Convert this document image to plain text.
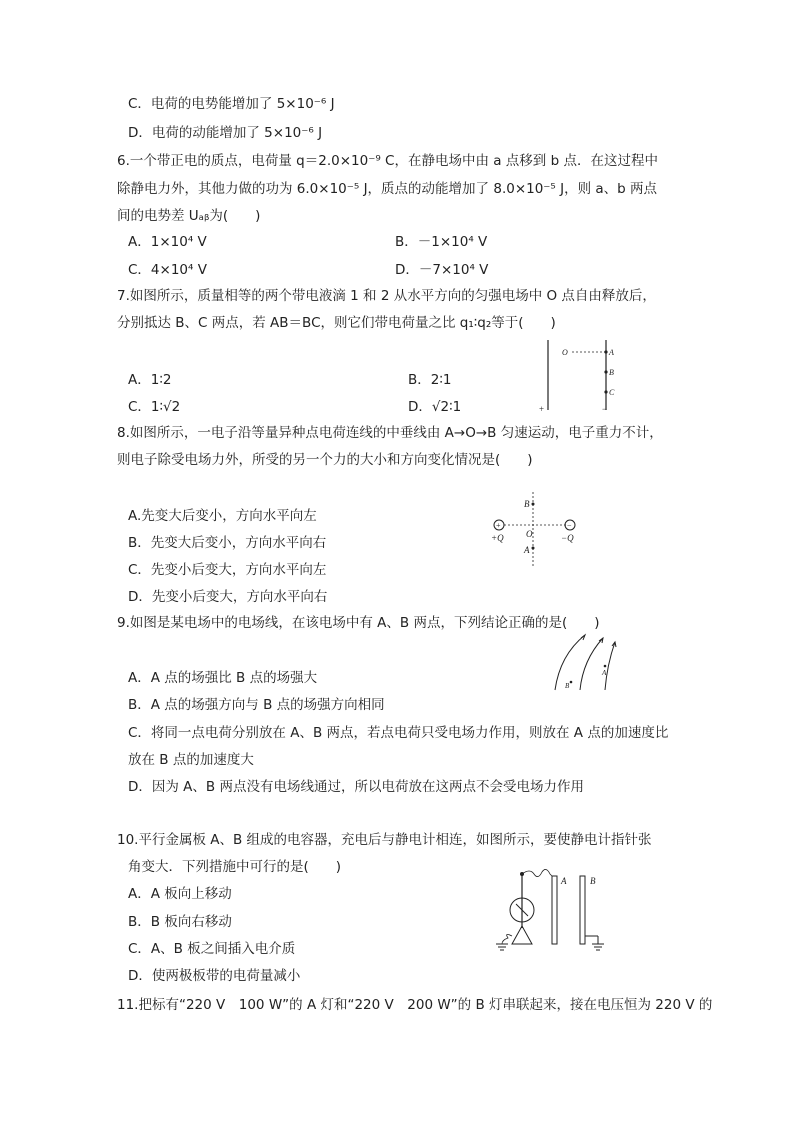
C．电荷的电势能增加了 5×10⁻⁶ J
D．电荷的动能增加了 5×10⁻⁶ J
6.一个带正电的质点，电荷量 q＝2.0×10⁻⁹ C，在静电场中由 a 点移到 b 点．在这过程中
除静电力外，其他力做的功为 6.0×10⁻⁵ J，质点的动能增加了 8.0×10⁻⁵ J，则 a、b 两点
间的电势差 Uₐᵦ为(　　)
A．1×10⁴ V	B．－1×10⁴ V
C．4×10⁴ V	D．－7×10⁴ V
7.如图所示，质量相等的两个带电液滴 1 和 2 从水平方向的匀强电场中 O 点自由释放后，
分别抵达 B、C 两点，若 AB＝BC，则它们带电荷量之比 q₁∶q₂等于(　　)
A．1∶2	B．2∶1
C．1∶√2	D．√2∶1
O	A
B
C
+	−
8.如图所示，一电子沿等量异种点电荷连线的中垂线由 A→O→B 匀速运动，电子重力不计，
则电子除受电场力外，所受的另一个力的大小和方向变化情况是(　　)
A.先变大后变小，方向水平向左
B．先变大后变小，方向水平向右
C．先变小后变大，方向水平向左
D．先变小后变大，方向水平向右
+	−
B
O
A
+Q	−Q
9.如图是某电场中的电场线，在该电场中有 A、B 两点，下列结论正确的是(　　)
A．A 点的场强比 B 点的场强大
B．A 点的场强方向与 B 点的场强方向相同
C．将同一点电荷分别放在 A、B 两点，若点电荷只受电场力作用，则放在 A 点的加速度比
放在 B 点的加速度大
D．因为 A、B 两点没有电场线通过，所以电荷放在这两点不会受电场力作用
B
A
10.平行金属板 A、B 组成的电容器，充电后与静电计相连，如图所示，要使静电计指针张
角变大．下列措施中可行的是(　　)
A．A 板向上移动
B．B 板向右移动
C．A、B 板之间插入电介质
D．使两极板带的电荷量减小
A	B
11.把标有“220 V　100 W”的 A 灯和“220 V　200 W”的 B 灯串联起来，接在电压恒为 220 V 的
